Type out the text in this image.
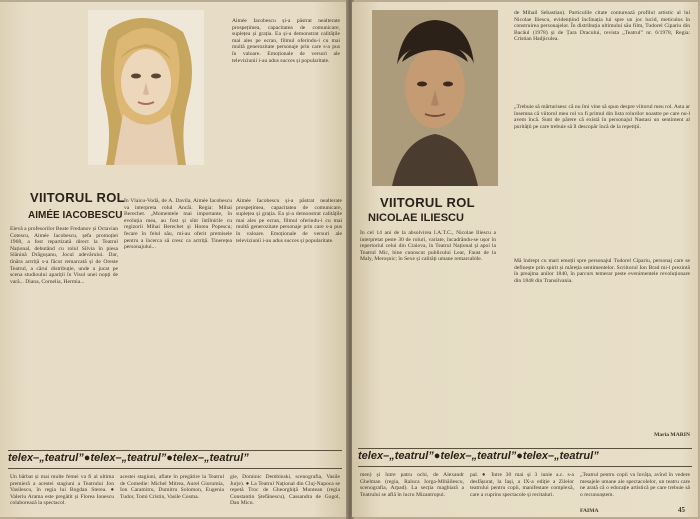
VIITORUL ROL
AIMÉE IACOBESCU

Elevă a profesorilor Beate Fredanov și Octavian Cotescu, Aimée Iacobescu, șefa promoției 1968, a fost repartizată direct la Teatrul Național, debutând cu rolul Silvia în piesa Slănină Drăgușanu, Jocul adevărului. Dar, tînăra actriță s-a făcut remarcată și de Oreste Teatrul, a cărui distribuție, unde a jucat pe scena studioului apariții în Visul unei nopți de vară... Diana, Cornelia, Hermia...

Aimée Iacobescu și-a păstrat nealterate prospețimea, capacitatea de comunicare, suplețea și grația. Ea și-a demonstrat calitățile mai ales pe ecran, filmul oferindu-i cu mai multă generozitate personaje prin care s-a pus în valoare. Emoționale de versuri ale televiziunii i-au adus succes și popularitate.

În Vlaicu-Vodă, de A. Davila, Aimée Iacobescu va interpreta rolul Ancăi. Regia: Mihai Berechet. „Momentele mai importante, în evoluția mea, au fost și sînt întîlnirile cu regizorii Mihai Berechet și Horea Popescu; fecare în felul său, mi-au oferit premisele pentru a încerca să cresc ca actriță. Tinerețea personajului...

Aimée Iacobescu și-a păstrat nealterate prospețimea, capacitatea de comunicare, suplețea și grația. Ea și-a demonstrat calitățile mai ales pe ecran, filmul oferindu-i cu mai multă generozitate personaje prin care s-a pus în valoare. Emoționale de versuri ale televiziunii i-au adus succes și popularitate.

telex–„teatrul”●telex–„teatrul”●telex–„teatrul”

Un bărbat și mai multe femei va fi al ultima premieră a acestei stagiuni a Teatrului Jon Vasilescu, în regia lui Bogdan Sterea. ● Valeriu Arama este pregătit și Florea Ionescu colaborează la spectacol.

acestei stagiuni, aflate în pregătire la Teatrul de Comedie: Michel Mitrea, Aurel Giurumia, Ion Caramitru, Dumitru Solomon, Eugenia Tudor, Tomi Cristin, Vasile Cosma.

gie, Dominic Dembinski, scenografia, Vasile Jurje). ● La Teatrul Național din Cluj-Napoca se repetă Troc de Gheorghiță Muntean (regia Constantin Ștefănescu), Cassandra de Gogol, Dan Micu.

VIITORUL ROL
NICOLAE ILIESCU

În cel 14 ani de la absolvirea I.A.T.C., Nicolae Iliescu a interpretat peste 30 de roluri, variate, încadrându-se ușor în repertoriul celui din Craiova, în Teatrul Național și apoi la Teatrul Mic, bine cunoscut publicului Lear, Faust de la Maly, Meroșnic; în Sexe și calități umane remarcabile.

de Mihail Sebastian). Particulile citate conturează profilul artistic al lui Nicolae Iliescu, evidențiind înclinația lui spre un joc lucid, meticulos în construirea personajelor. În distribuția ultimului său film, Tudorel Cipariu din Bacăul (1978) și de Țara Dracului, revista „Teatrul” nr. 6/1978, Regia: Cristian Hadjiculea.

„Trebuie să mărturisesc că nu îmi vine să spun despre viitorul meu rol. Asta ar însemna că viitorul meu rol va fi primul din lista rolurilor noastre pe care nu-l avem încă. Sunt de părere că există în personajul Nastasi un sentiment al purității pe care trebuie să îl descopăr încă de la repetiții.

Mă îndrept cu mari emoții spre personajul Tudorel Cipariu, personaj care se definește prin spirit și măreția sentimentelor. Scriitorul Ion Brad mi-l prezintă în preajma anilor 1840, în parcurs temerar peste evenimentele revoluționare din 1848 din Transilvania.

Maria MARIN
telex–„teatrul”●telex–„teatrul”●telex–„teatrul”

men) și între patru ochi, de Alexandr Ghelman (regia, Raluca Iorga-Mihăilescu, scenografia, Arpad). La secția maghiară a Teatrului se află în lucru Mizantropul.

pal. ● Între 30 mai și 3 iunie a.c. s-a desfășurat, la Iași, a IX-a ediție a Zilelor teatrului pentru copii, manifestare complexă, care a cuprins spectacole și recitaluri.

„Teatrul pentru copii va învăța, avînd în vedere mesajele umane ale spectacolelor, un teatru care ne arată că o educație artistică pe care trebuie să o recunoaștem.

FAIMA	45
